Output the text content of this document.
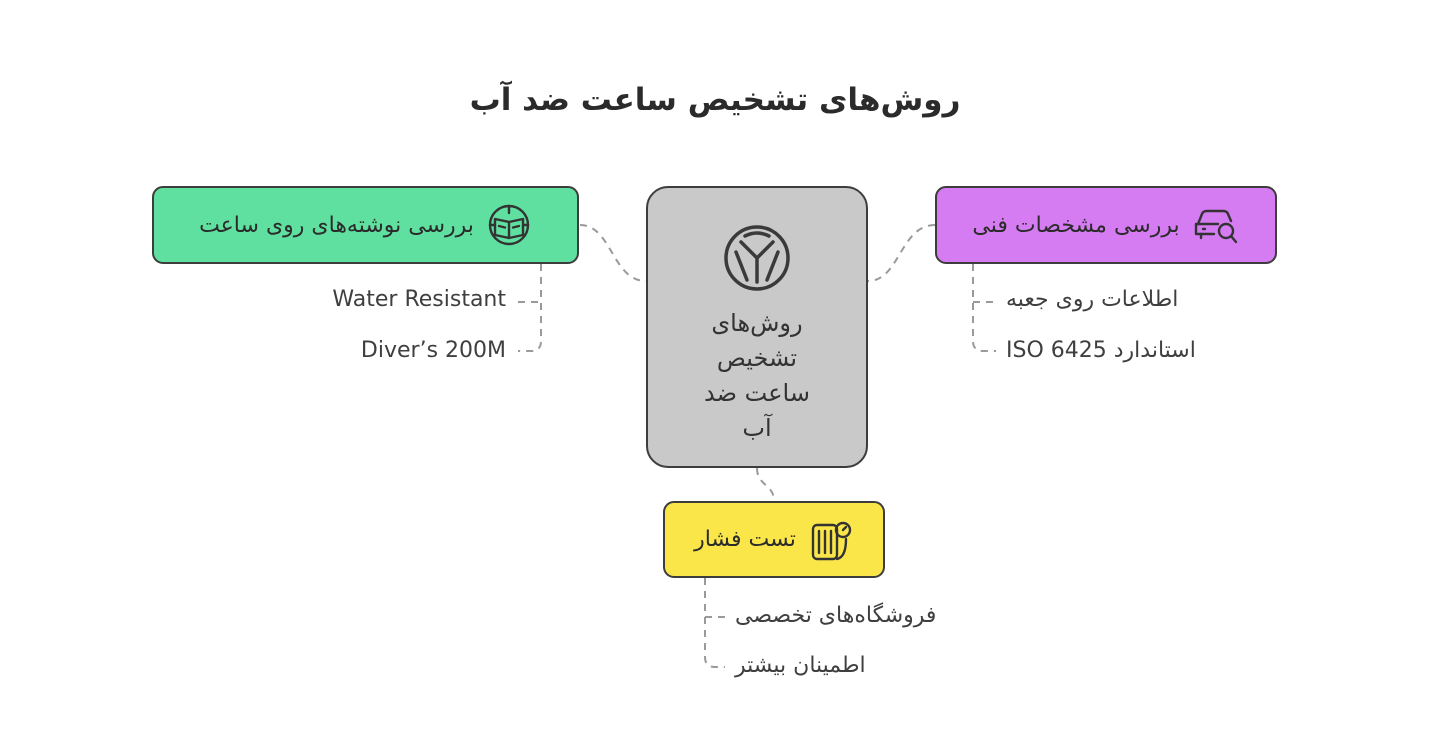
روش‌های تشخیص ساعت ضد آب
روش‌های تشخیص ساعت ضد آب
بررسی نوشته‌های روی ساعت	بررسی مشخصات فنی
تست فشار
Water Resistant
Diver’s 200M
اطلاعات روی جعبه
استاندارد ISO 6425
فروشگاه‌های تخصصی
اطمینان بیشتر
